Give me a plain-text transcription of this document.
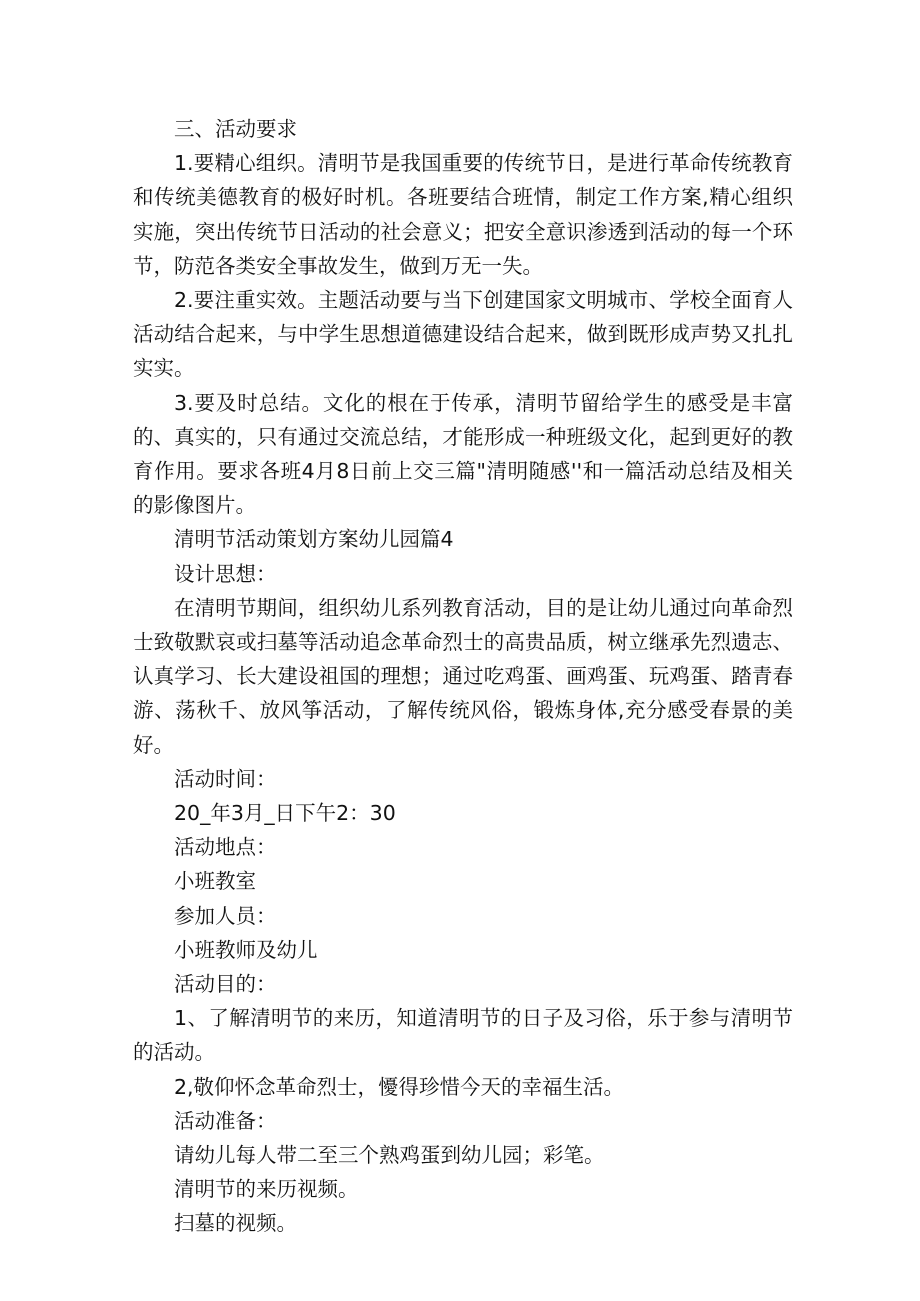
三、活动要求
1.要精心组织。清明节是我国重要的传统节日，是进行革命传统教育和传统美德教育的极好时机。各班要结合班情，制定工作方案,精心组织实施，突出传统节日活动的社会意义；把安全意识渗透到活动的每一个环节，防范各类安全事故发生，做到万无一失。
2.要注重实效。主题活动要与当下创建国家文明城市、学校全面育人活动结合起来，与中学生思想道德建设结合起来，做到既形成声势又扎扎实实。
3.要及时总结。文化的根在于传承，清明节留给学生的感受是丰富的、真实的，只有通过交流总结，才能形成一种班级文化，起到更好的教育作用。要求各班4月8日前上交三篇"清明随感''和一篇活动总结及相关的影像图片。
清明节活动策划方案幼儿园篇4
设计思想：
在清明节期间，组织幼儿系列教育活动，目的是让幼儿通过向革命烈士致敬默哀或扫墓等活动追念革命烈士的高贵品质，树立继承先烈遗志、认真学习、长大建设祖国的理想；通过吃鸡蛋、画鸡蛋、玩鸡蛋、踏青春游、荡秋千、放风筝活动，了解传统风俗，锻炼身体,充分感受春景的美好。
活动时间：
20_年3月_日下午2：30
活动地点：
小班教室
参加人员：
小班教师及幼儿
活动目的：
1、了解清明节的来历，知道清明节的日子及习俗，乐于参与清明节的活动。
2,敬仰怀念革命烈士，懮得珍惜今天的幸福生活。
活动准备：
请幼儿每人带二至三个熟鸡蛋到幼儿园；彩笔。
清明节的来历视频。
扫墓的视频。
